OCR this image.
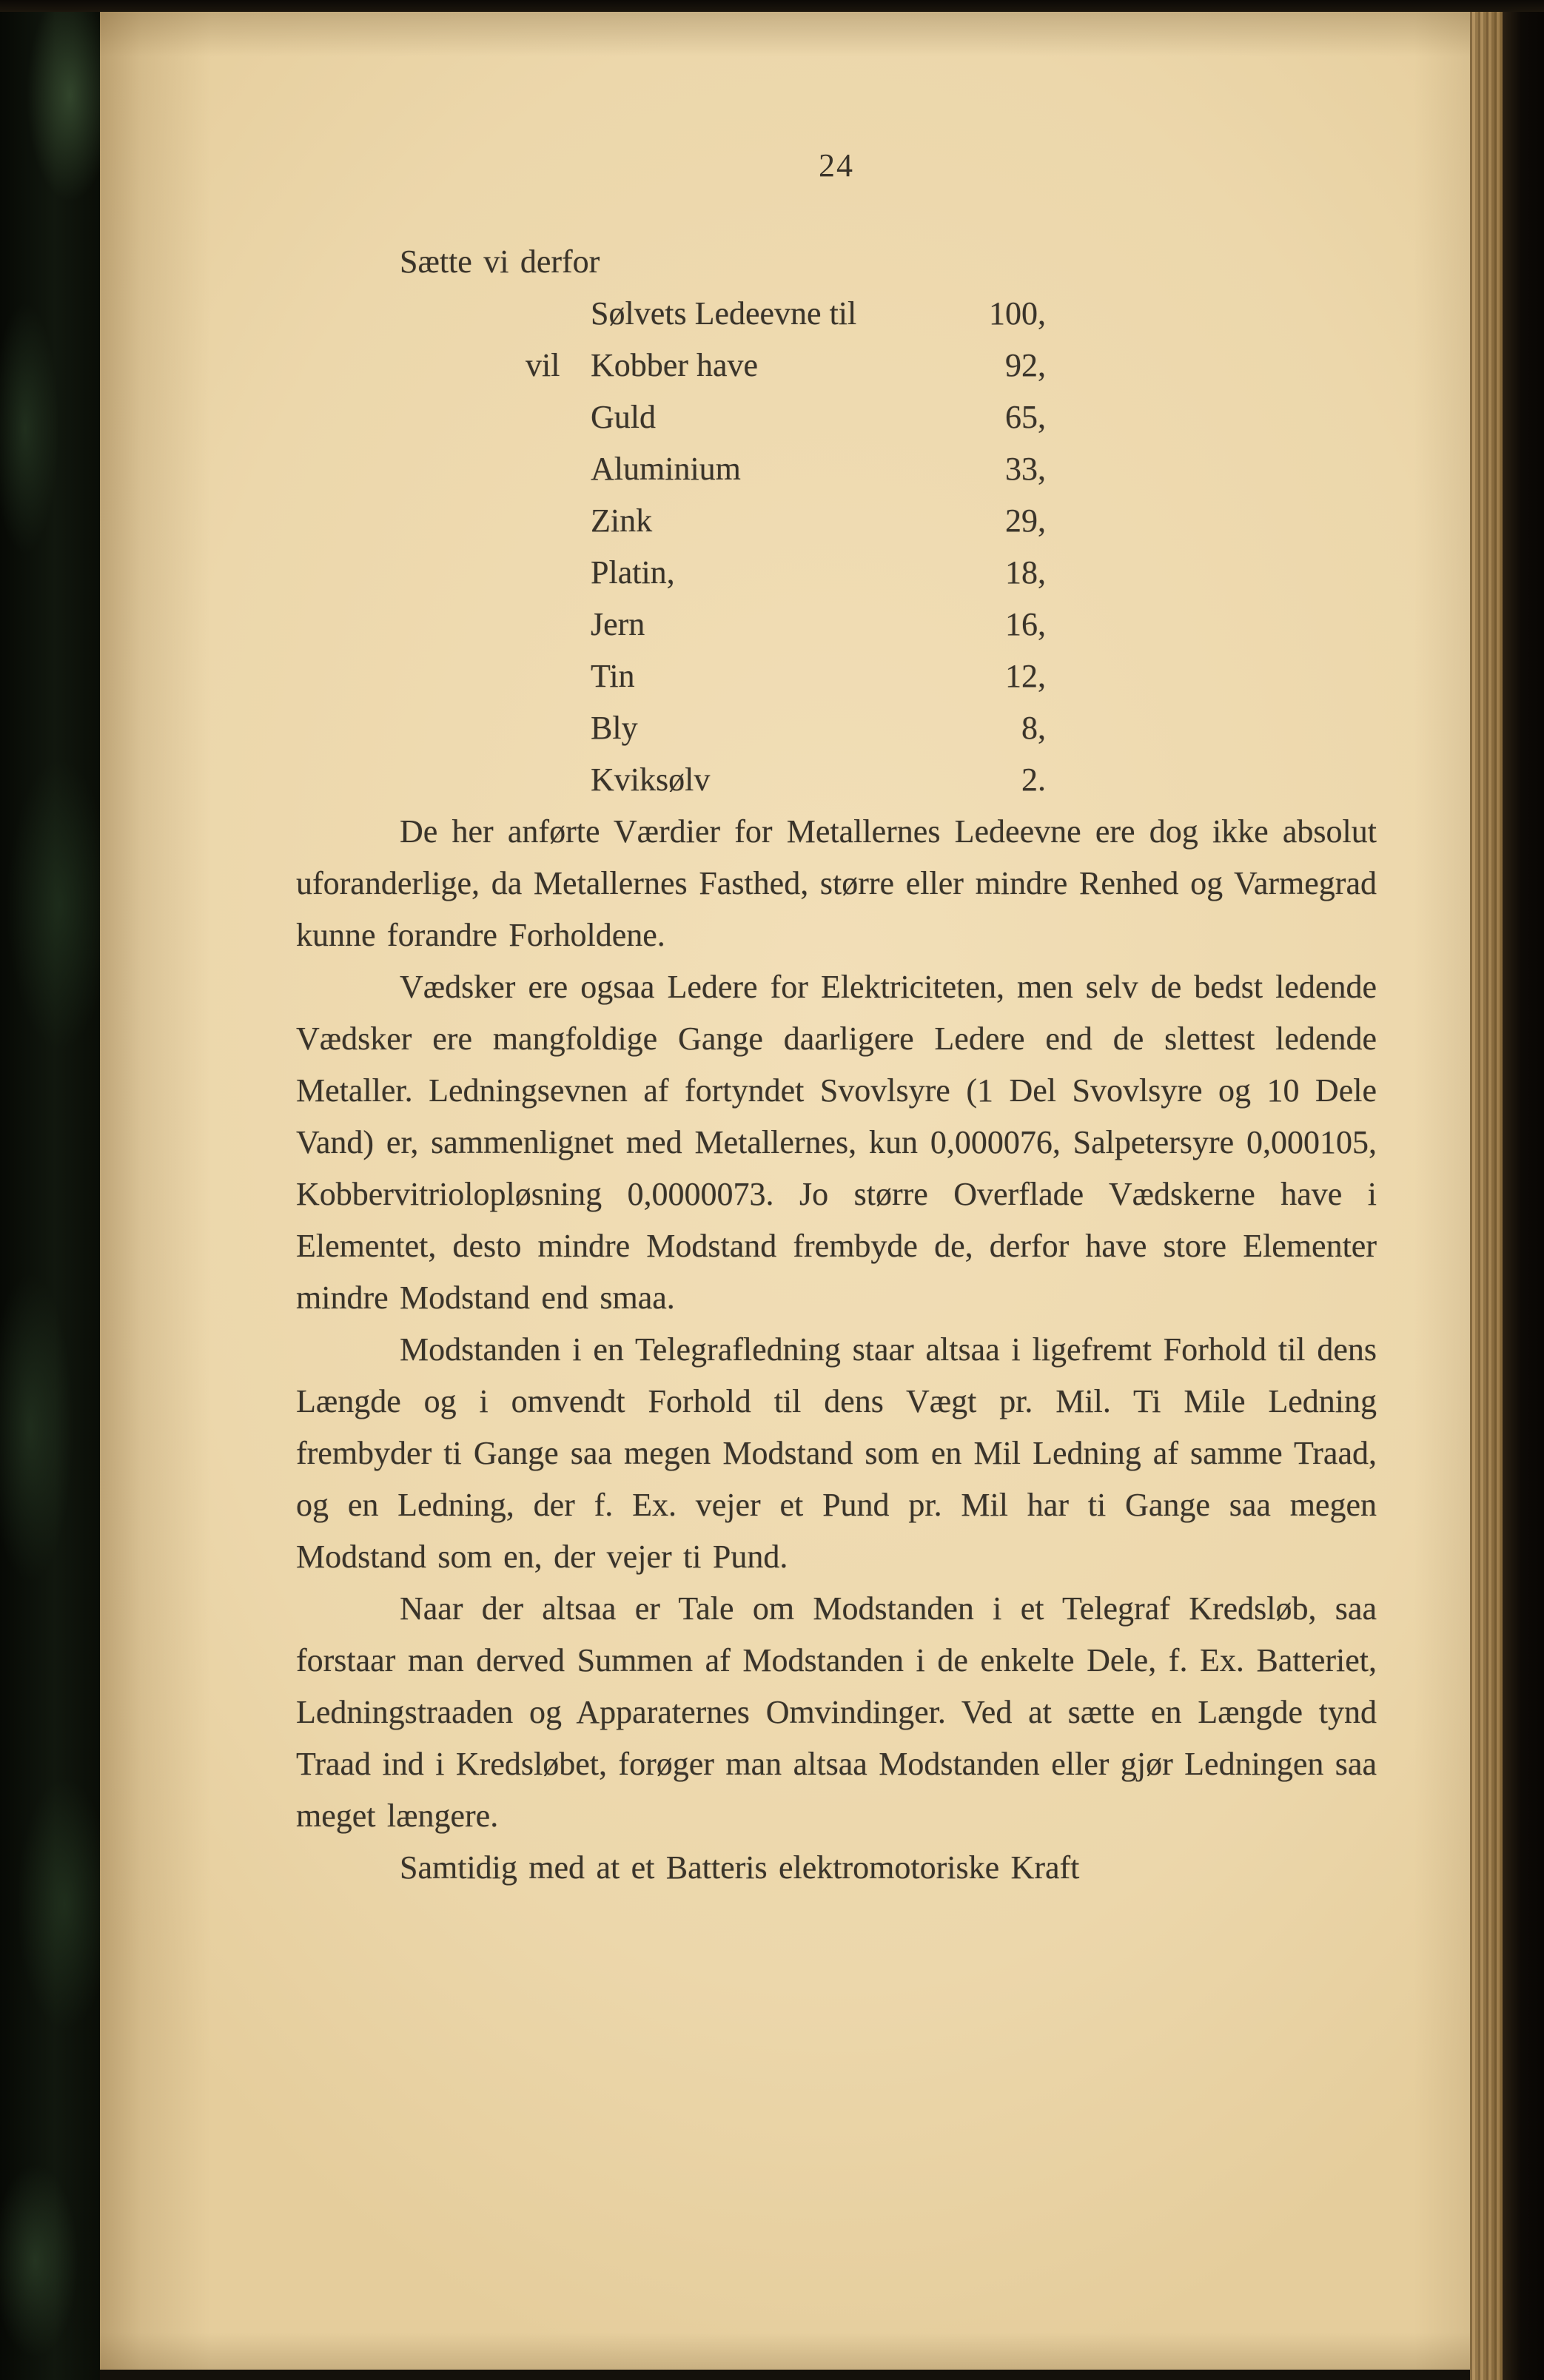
24

Sætte vi derfor

Sølvets Ledeevne til	100,
vil Kobber have	92,
Guld	65,
Aluminium	33,
Zink	29,
Platin,	18,
Jern	16,
Tin	12,
Bly	8,
Kviksølv	2.

De her anførte Værdier for Metallernes Ledeevne ere dog ikke absolut uforanderlige, da Metallernes Fasthed, større eller mindre Renhed og Varmegrad kunne forandre Forholdene.

Vædsker ere ogsaa Ledere for Elektriciteten, men selv de bedst ledende Vædsker ere mangfoldige Gange daarligere Ledere end de slettest ledende Metaller. Ledningsevnen af fortyndet Svovlsyre (1 Del Svovlsyre og 10 Dele Vand) er, sammenlignet med Metallernes, kun 0,000076, Salpetersyre 0,000105, Kobbervitriolopløsning 0,0000073. Jo større Overflade Vædskerne have i Elementet, desto mindre Modstand frembyde de, derfor have store Elementer mindre Modstand end smaa.

Modstanden i en Telegrafledning staar altsaa i ligefremt Forhold til dens Længde og i omvendt Forhold til dens Vægt pr. Mil. Ti Mile Ledning frembyder ti Gange saa megen Modstand som en Mil Ledning af samme Traad, og en Ledning, der f. Ex. vejer et Pund pr. Mil har ti Gange saa megen Modstand som en, der vejer ti Pund.

Naar der altsaa er Tale om Modstanden i et Telegraf Kredsløb, saa forstaar man derved Summen af Modstanden i de enkelte Dele, f. Ex. Batteriet, Ledningstraaden og Apparaternes Omvindinger. Ved at sætte en Længde tynd Traad ind i Kredsløbet, forøger man altsaa Modstanden eller gjør Ledningen saa meget længere.

Samtidig med at et Batteris elektromotoriske Kraft
